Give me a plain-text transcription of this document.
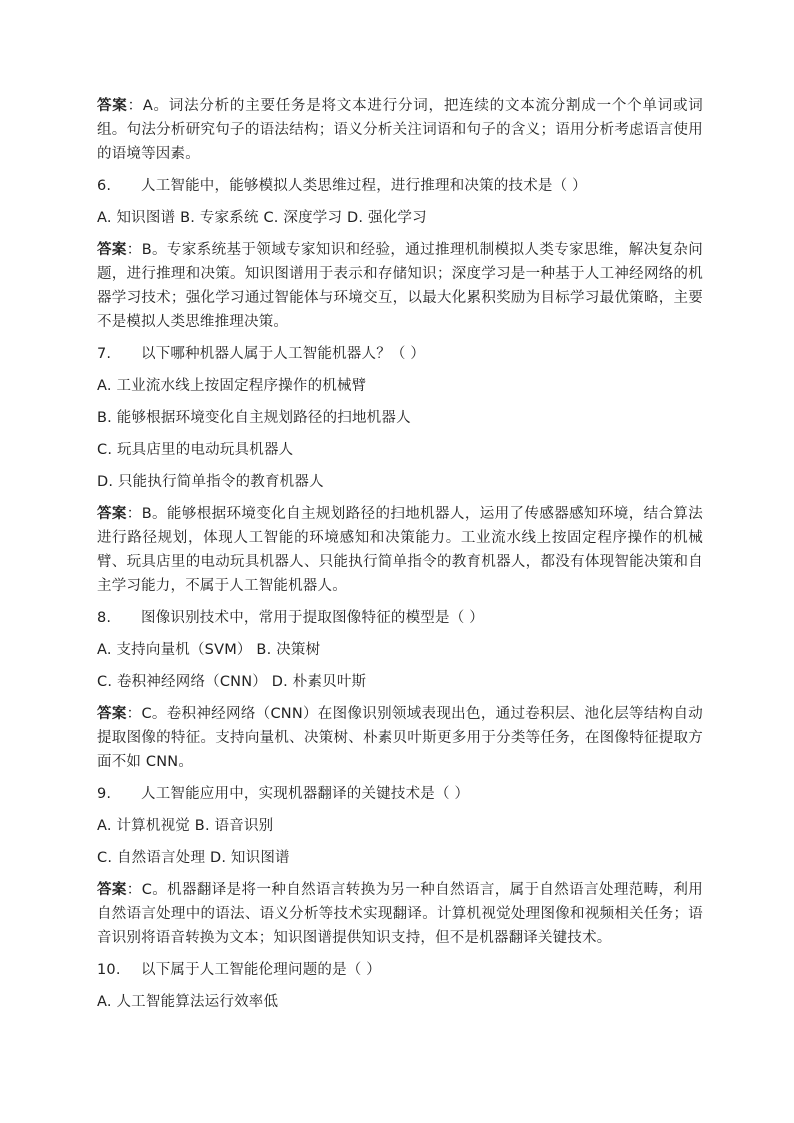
答案：A。词法分析的主要任务是将文本进行分词，把连续的文本流分割成一个个单词或词组。句法分析研究句子的语法结构；语义分析关注词语和句子的含义；语用分析考虑语言使用的语境等因素。

6. 人工智能中，能够模拟人类思维过程，进行推理和决策的技术是（ ）

A. 知识图谱 B. 专家系统 C. 深度学习 D. 强化学习

答案：B。专家系统基于领域专家知识和经验，通过推理机制模拟人类专家思维，解决复杂问题，进行推理和决策。知识图谱用于表示和存储知识；深度学习是一种基于人工神经网络的机器学习技术；强化学习通过智能体与环境交互，以最大化累积奖励为目标学习最优策略，主要不是模拟人类思维推理决策。

7. 以下哪种机器人属于人工智能机器人？（ ）

A. 工业流水线上按固定程序操作的机械臂

B. 能够根据环境变化自主规划路径的扫地机器人

C. 玩具店里的电动玩具机器人

D. 只能执行简单指令的教育机器人

答案：B。能够根据环境变化自主规划路径的扫地机器人，运用了传感器感知环境，结合算法进行路径规划，体现人工智能的环境感知和决策能力。工业流水线上按固定程序操作的机械臂、玩具店里的电动玩具机器人、只能执行简单指令的教育机器人，都没有体现智能决策和自主学习能力，不属于人工智能机器人。

8. 图像识别技术中，常用于提取图像特征的模型是（ ）

A. 支持向量机（SVM） B. 决策树

C. 卷积神经网络（CNN） D. 朴素贝叶斯

答案：C。卷积神经网络（CNN）在图像识别领域表现出色，通过卷积层、池化层等结构自动提取图像的特征。支持向量机、决策树、朴素贝叶斯更多用于分类等任务，在图像特征提取方面不如 CNN。

9. 人工智能应用中，实现机器翻译的关键技术是（ ）

A. 计算机视觉 B. 语音识别

C. 自然语言处理 D. 知识图谱

答案：C。机器翻译是将一种自然语言转换为另一种自然语言，属于自然语言处理范畴，利用自然语言处理中的语法、语义分析等技术实现翻译。计算机视觉处理图像和视频相关任务；语音识别将语音转换为文本；知识图谱提供知识支持，但不是机器翻译关键技术。

10. 以下属于人工智能伦理问题的是（ ）

A. 人工智能算法运行效率低
